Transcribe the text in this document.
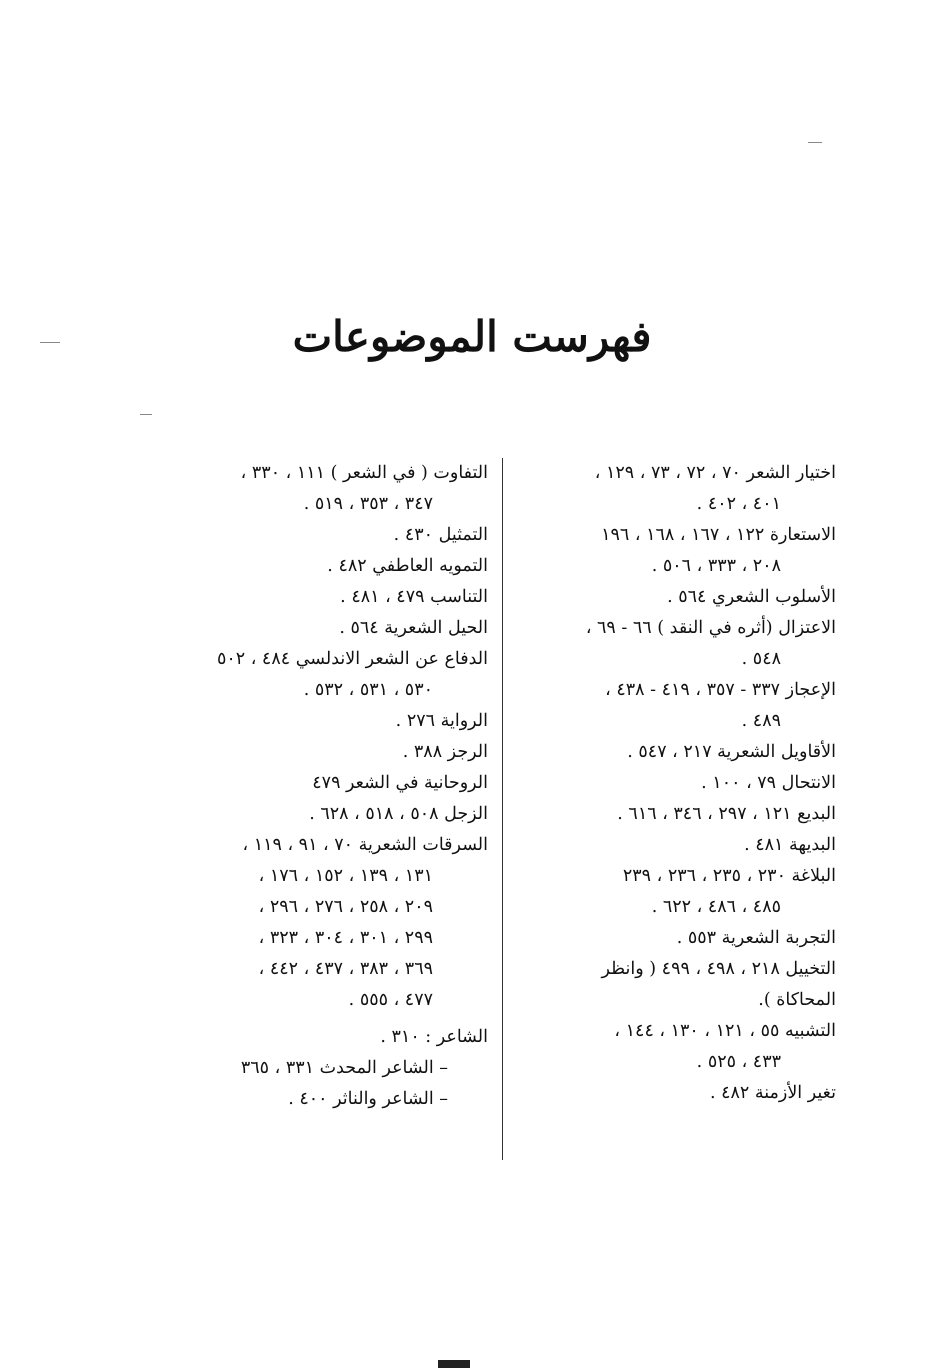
فهرست الموضوعات
اختيار الشعر ٧٠ ، ٧٢ ، ٧٣ ، ١٢٩ ،
٤٠١ ، ٤٠٢ .
الاستعارة ١٢٢ ، ١٦٧ ، ١٦٨ ، ١٩٦
٢٠٨ ، ٣٣٣ ، ٥٠٦ .
الأسلوب الشعري ٥٦٤ .
الاعتزال (أثره في النقد ) ٦٦ - ٦٩ ،
٥٤٨ .
الإعجاز ٣٣٧ - ٣٥٧ ، ٤١٩ - ٤٣٨ ،
٤٨٩ .
الأقاويل الشعرية ٢١٧ ، ٥٤٧ .
الانتحال ٧٩ ، ١٠٠ .
البديع ١٢١ ، ٢٩٧ ، ٣٤٦ ، ٦١٦ .
البديهة ٤٨١ .
البلاغة ٢٣٠ ، ٢٣٥ ، ٢٣٦ ، ٢٣٩
٤٨٥ ، ٤٨٦ ، ٦٢٢ .
التجربة الشعرية ٥٥٣ .
التخييل ٢١٨ ، ٤٩٨ ، ٤٩٩ ( وانظر
المحاكاة ).
التشبيه ٥٥ ، ١٢١ ، ١٣٠ ، ١٤٤ ،
٤٣٣ ، ٥٢٥ .
تغير الأزمنة ٤٨٢ .
التفاوت ( في الشعر ) ١١١ ، ٣٣٠ ،
٣٤٧ ، ٣٥٣ ، ٥١٩ .
التمثيل ٤٣٠ .
التمويه العاطفي ٤٨٢ .
التناسب ٤٧٩ ، ٤٨١ .
الحيل الشعرية ٥٦٤ .
الدفاع عن الشعر الاندلسي ٤٨٤ ، ٥٠٢
٥٣٠ ، ٥٣١ ، ٥٣٢ .
الرواية ٢٧٦ .
الرجز ٣٨٨ .
الروحانية في الشعر ٤٧٩
الزجل ٥٠٨ ، ٥١٨ ، ٦٢٨ .
السرقات الشعرية ٧٠ ، ٩١ ، ١١٩ ،
١٣١ ، ١٣٩ ، ١٥٢ ، ١٧٦ ،
٢٠٩ ، ٢٥٨ ، ٢٧٦ ، ٢٩٦ ،
٢٩٩ ، ٣٠١ ، ٣٠٤ ، ٣٢٣ ،
٣٦٩ ، ٣٨٣ ، ٤٣٧ ، ٤٤٢ ،
٤٧٧ ، ٥٥٥ .
الشاعر : ٣١٠ .
– الشاعر المحدث ٣٣١ ، ٣٦٥
– الشاعر والناثر ٤٠٠ .
